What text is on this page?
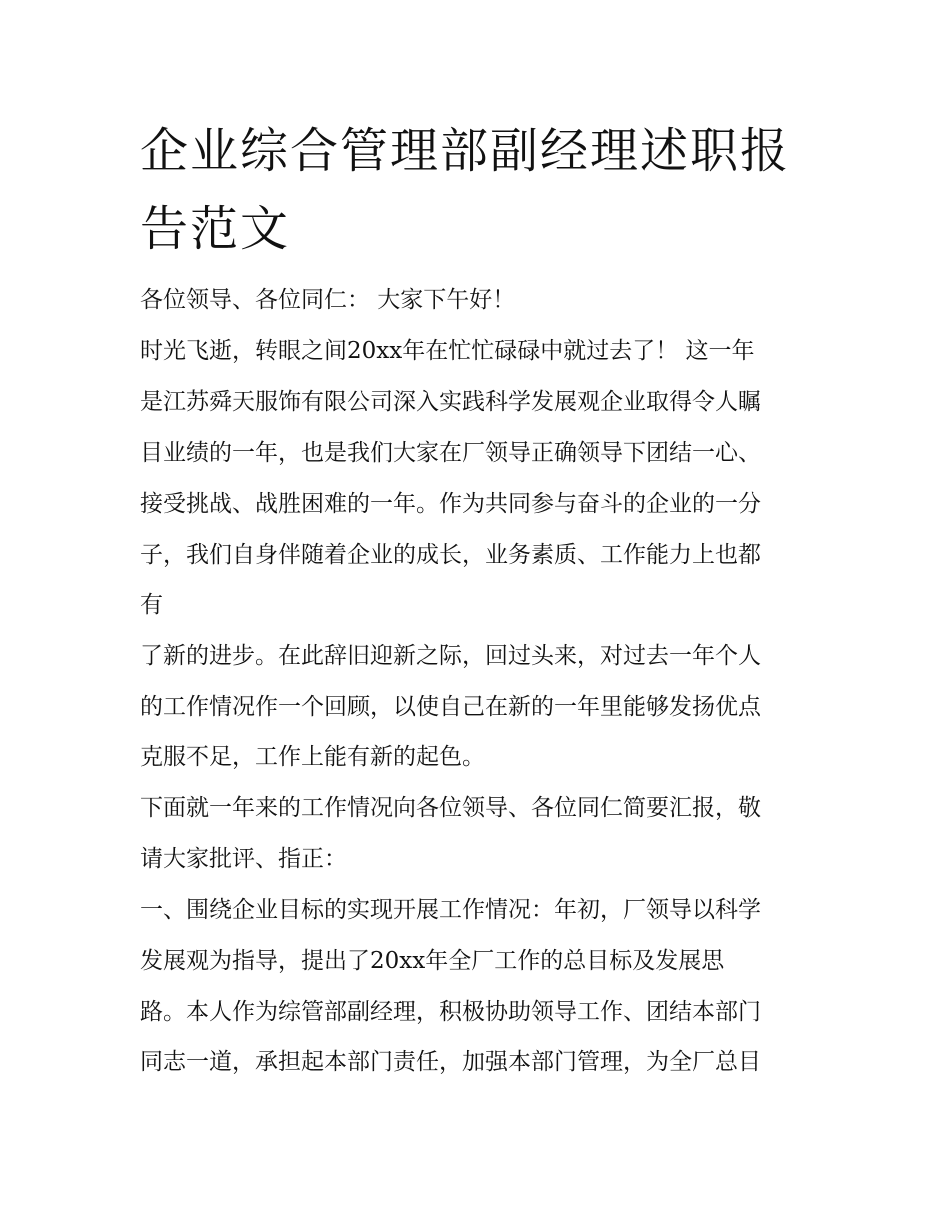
企业综合管理部副经理述职报
告范文
各位领导、各位同仁： 大家下午好！
时光飞逝，转眼之间20xx年在忙忙碌碌中就过去了！ 这一年
是江苏舜天服饰有限公司深入实践科学发展观企业取得令人瞩
目业绩的一年，也是我们大家在厂领导正确领导下团结一心、
接受挑战、战胜困难的一年。作为共同参与奋斗的企业的一分
子，我们自身伴随着企业的成长，业务素质、工作能力上也都
有
了新的进步。在此辞旧迎新之际，回过头来，对过去一年个人
的工作情况作一个回顾，以使自己在新的一年里能够发扬优点
克服不足，工作上能有新的起色。
下面就一年来的工作情况向各位领导、各位同仁简要汇报，敬
请大家批评、指正：
一、围绕企业目标的实现开展工作情况：年初，厂领导以科学
发展观为指导，提出了20xx年全厂工作的总目标及发展思
路。本人作为综管部副经理，积极协助领导工作、团结本部门
同志一道，承担起本部门责任，加强本部门管理，为全厂总目
